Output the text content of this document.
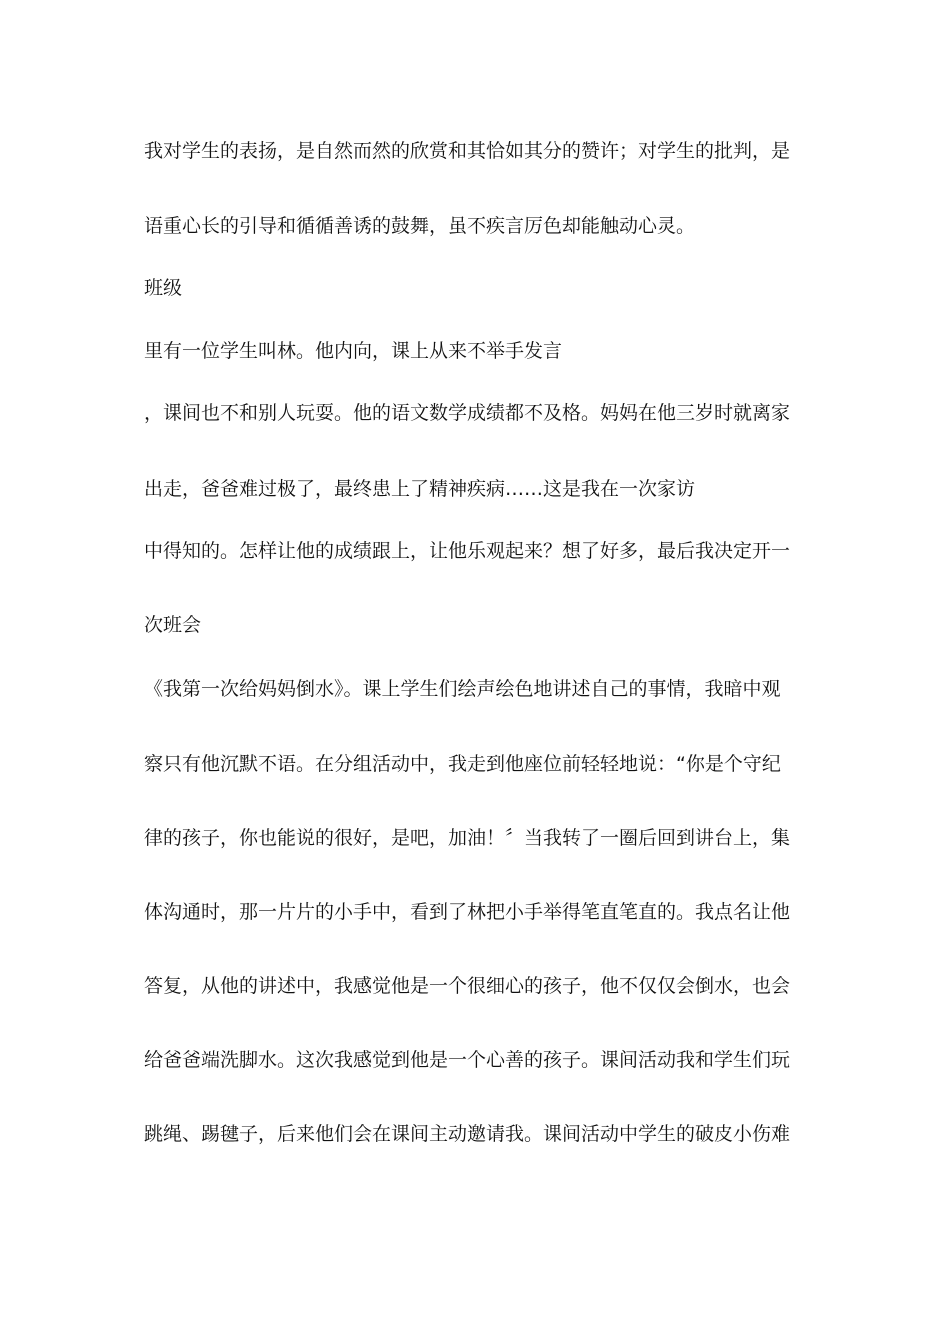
我对学生的表扬，是自然而然的欣赏和其恰如其分的赞许；对学生的批判，是
语重心长的引导和循循善诱的鼓舞，虽不疾言厉色却能触动心灵。
班级
里有一位学生叫林。他内向，课上从来不举手发言
，课间也不和别人玩耍。他的语文数学成绩都不及格。妈妈在他三岁时就离家
出走，爸爸难过极了，最终患上了精神疾病……这是我在一次家访
中得知的。怎样让他的成绩跟上，让他乐观起来？想了好多，最后我决定开一
次班会
《我第一次给妈妈倒水》。课上学生们绘声绘色地讲述自己的事情，我暗中观
察只有他沉默不语。在分组活动中，我走到他座位前轻轻地说：“你是个守纪
律的孩子，你也能说的很好，是吧，加油！〞当我转了一圈后回到讲台上，集
体沟通时，那一片片的小手中，看到了林把小手举得笔直笔直的。我点名让他
答复，从他的讲述中，我感觉他是一个很细心的孩子，他不仅仅会倒水，也会
给爸爸端洗脚水。这次我感觉到他是一个心善的孩子。课间活动我和学生们玩
跳绳、踢毽子，后来他们会在课间主动邀请我。课间活动中学生的破皮小伤难
